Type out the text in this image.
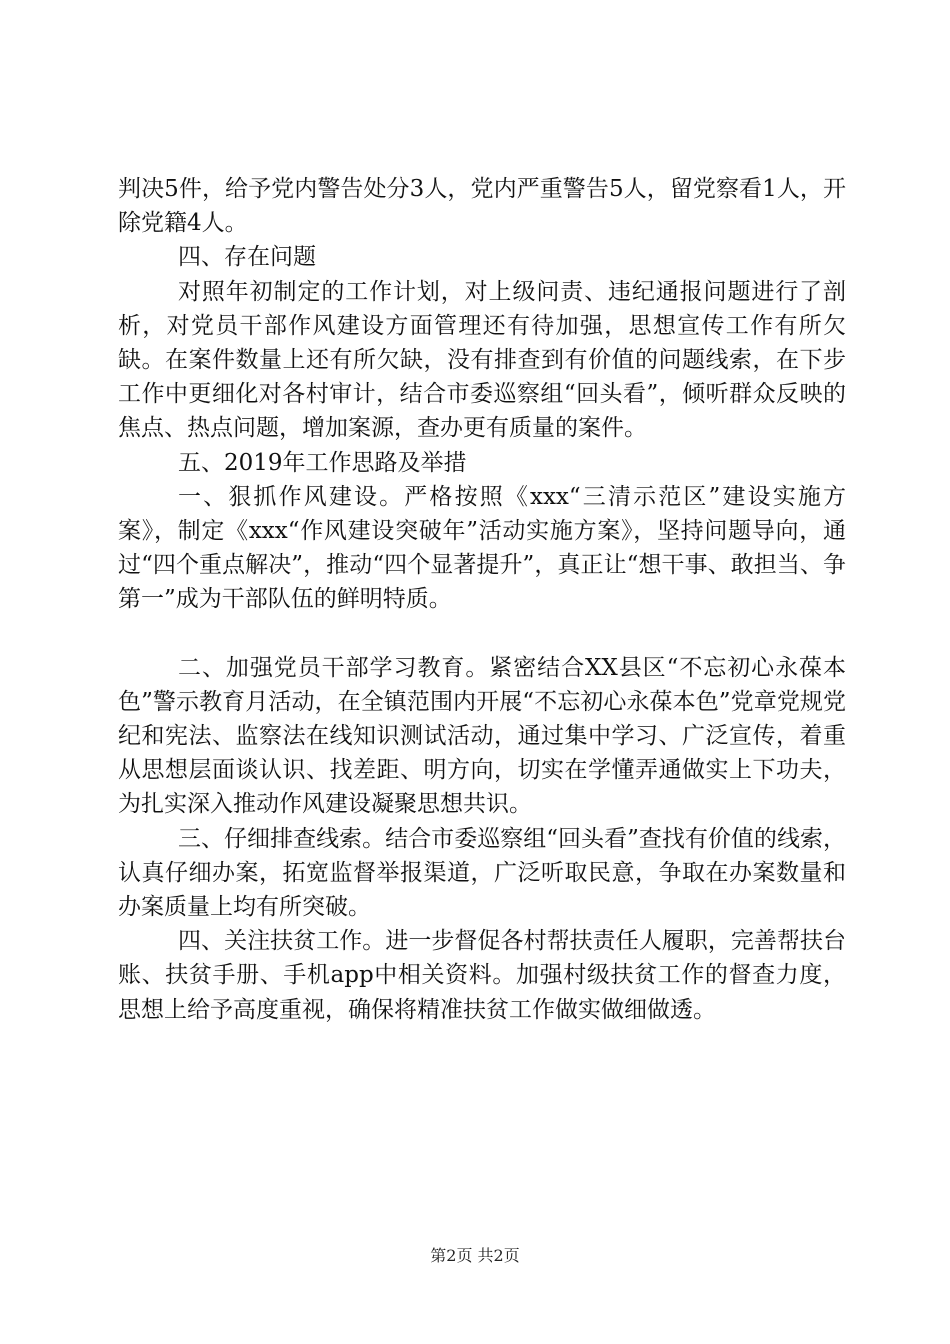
判决5件，给予党内警告处分3人，党内严重警告5人，留党察看1人，开除党籍4人。

四、存在问题

对照年初制定的工作计划，对上级问责、违纪通报问题进行了剖析，对党员干部作风建设方面管理还有待加强，思想宣传工作有所欠缺。在案件数量上还有所欠缺，没有排查到有价值的问题线索，在下步工作中更细化对各村审计，结合市委巡察组“回头看”，倾听群众反映的焦点、热点问题，增加案源，查办更有质量的案件。

五、2019年工作思路及举措

一、狠抓作风建设。严格按照《xxx“三清示范区”建设实施方案》，制定《xxx“作风建设突破年”活动实施方案》，坚持问题导向，通过“四个重点解决”，推动“四个显著提升”，真正让“想干事、敢担当、争第一”成为干部队伍的鲜明特质。

二、加强党员干部学习教育。紧密结合XX县区“不忘初心永葆本色”警示教育月活动，在全镇范围内开展“不忘初心永葆本色”党章党规党纪和宪法、监察法在线知识测试活动，通过集中学习、广泛宣传，着重从思想层面谈认识、找差距、明方向，切实在学懂弄通做实上下功夫，为扎实深入推动作风建设凝聚思想共识。

三、仔细排查线索。结合市委巡察组“回头看”查找有价值的线索，认真仔细办案，拓宽监督举报渠道，广泛听取民意，争取在办案数量和办案质量上均有所突破。

四、关注扶贫工作。进一步督促各村帮扶责任人履职，完善帮扶台账、扶贫手册、手机app中相关资料。加强村级扶贫工作的督查力度，思想上给予高度重视，确保将精准扶贫工作做实做细做透。

第2页 共2页
